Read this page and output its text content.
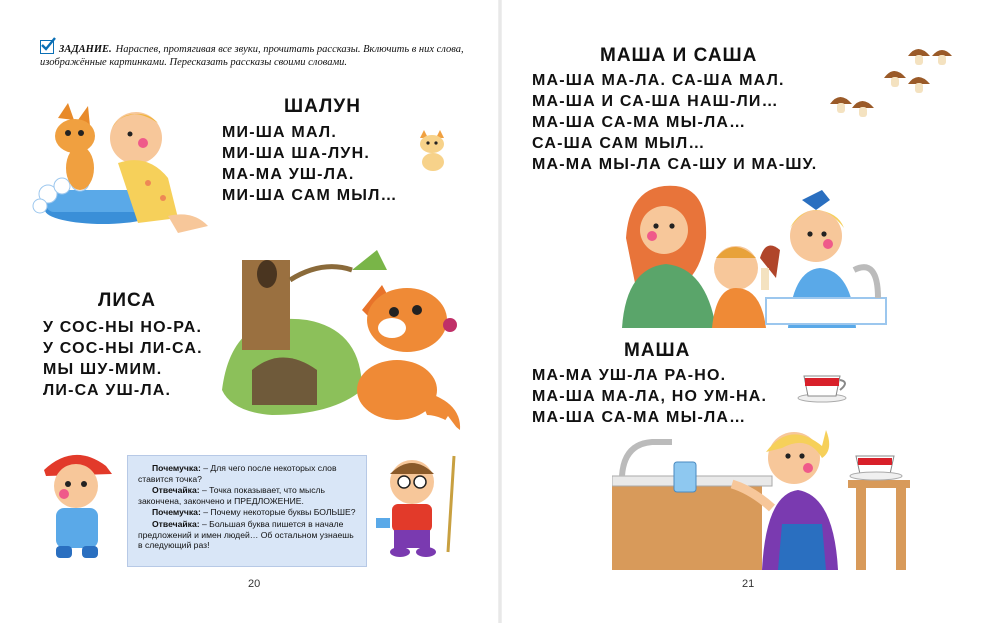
ЗАДАНИЕ. Нараспев, протягивая все звуки, прочитать рассказы. Включить в них слова, изображённые картинками. Пересказать рассказы своими словами.
ШАЛУН
МИ-ША МАЛ.
МИ-ША ША-ЛУН.
МА-МА УШ-ЛА.
МИ-ША САМ МЫЛ…
ЛИСА
У СОС-НЫ НО-РА.
У СОС-НЫ ЛИ-СА.
МЫ ШУ-МИМ.
ЛИ-СА УШ-ЛА.

Почемучка: – Для чего после некоторых слов ставится точка?

Отвечайка: – Точка показывает, что мысль закончена, закончено и ПРЕДЛОЖЕНИЕ.

Почемучка: – Почему некоторые буквы БОЛЬШЕ?

Отвечайка: – Большая буква пишется в начале предложений и имен людей… Об остальном узнаешь в следующий раз!

20
МАША И САША
МА-ША МА-ЛА. СА-ША МАЛ.
МА-ША И СА-ША НАШ-ЛИ…
МА-ША СА-МА МЫ-ЛА…
СА-ША САМ МЫЛ…
МА-МА МЫ-ЛА СА-ШУ И МА-ШУ.
МАША
МА-МА УШ-ЛА РА-НО.
МА-ША МА-ЛА, НО УМ-НА.
МА-ША СА-МА МЫ-ЛА…
21
